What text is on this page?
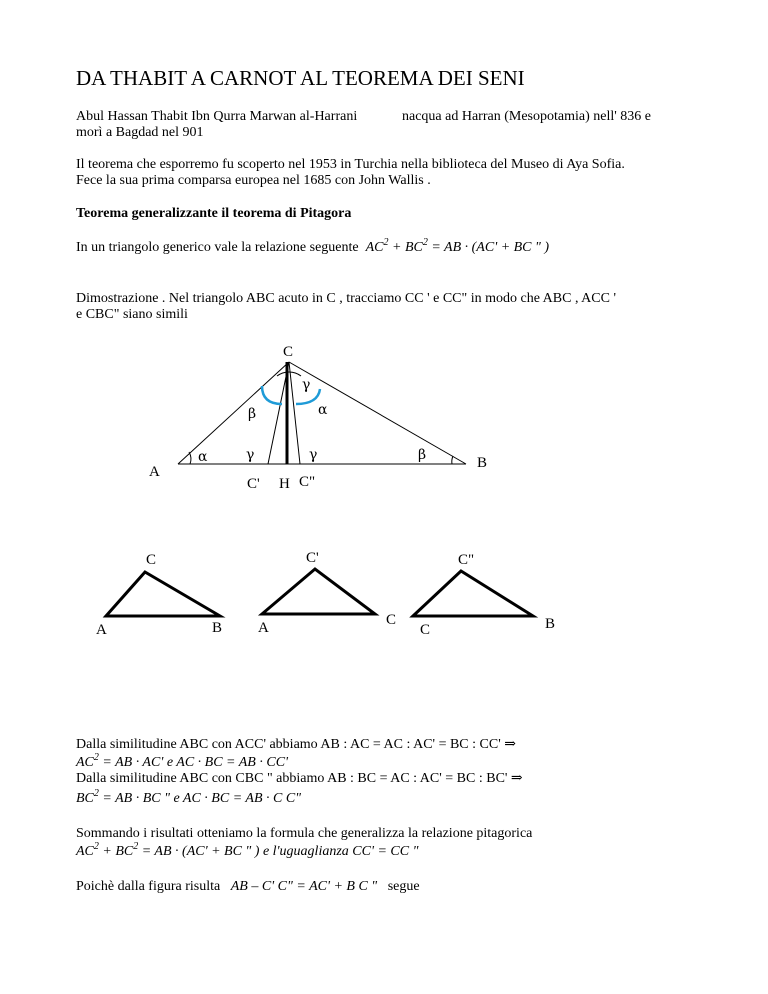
DA THABIT A CARNOT AL TEOREMA DEI SENI
Abul Hassan Thabit Ibn Qurra Marwan al-Harrani	nacqua ad Harran (Mesopotamia) nell' 836 e
morì a Bagdad nel 901
Il teorema che esporremo fu scoperto nel 1953 in Turchia nella biblioteca del Museo di Aya Sofia.
Fece la sua prima comparsa europea nel 1685 con John Wallis .
Teorema generalizzante il teorema di Pitagora
In un triangolo generico vale la relazione seguente $AC^2 + BC^2$ = AB · (AC' + BC " )
Dimostrazione . Nel triangolo ABC acuto in C , tracciamo CC ' e CC" in modo che ABC , ACC '
e CBC" siano simili
C
A
B
C' H C"
γ
β	α
α	γ	γ	β
C
A	B
C'
A	C
C"
C	B
Dalla similitudine ABC con ACC' abbiamo AB : AC = AC : AC' = BC : CC' ⇒
$AC^2$ = AB · AC' e AC · BC = AB · CC'
Dalla similitudine ABC con CBC " abbiamo AB : BC = AC : AC' = BC : BC' ⇒
$BC^2$ = AB · BC " e AC · BC = AB · C C"
Sommando i risultati otteniamo la formula che generalizza la relazione pitagorica
$AC^2 + BC^2$ = AB · (AC' + BC " ) e l'uguaglianza CC' = CC "
Poichè dalla figura risulta AB – C' C" = AC' + B C " segue
